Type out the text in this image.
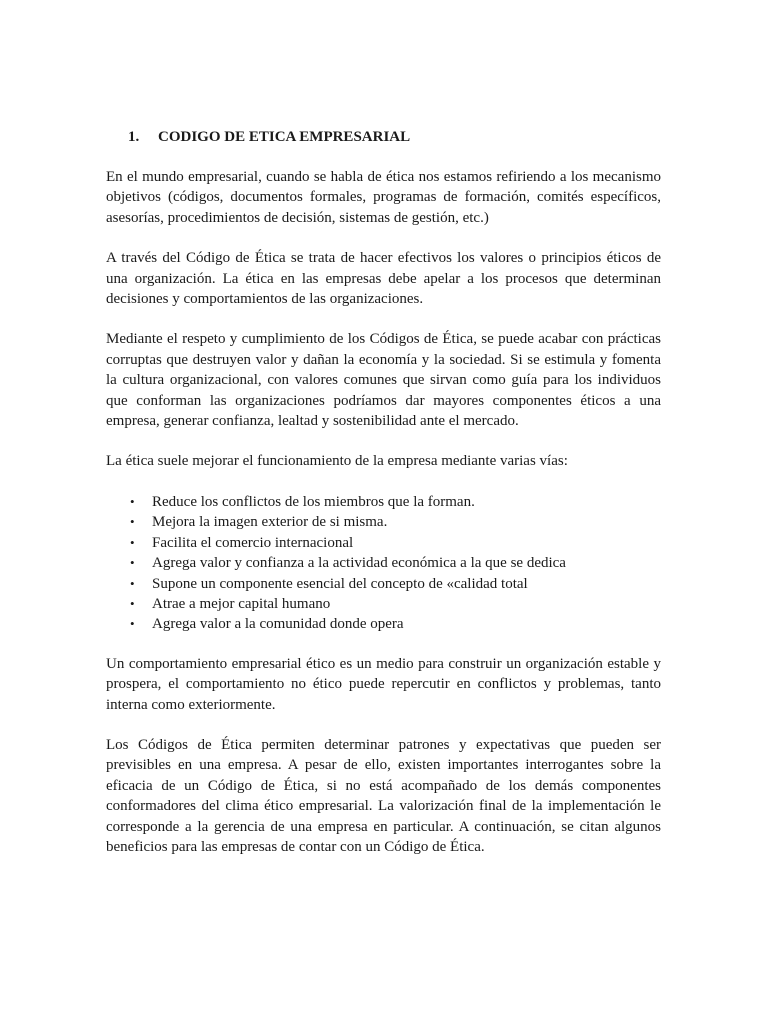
1.	CODIGO DE ETICA EMPRESARIAL

En el mundo empresarial, cuando se habla de ética nos estamos refiriendo a los mecanismo objetivos (códigos, documentos formales, programas de formación, comités específicos, asesorías, procedimientos de decisión, sistemas de gestión, etc.)

A través del Código de Ética se trata de hacer efectivos los valores o principios éticos de una organización. La ética en las empresas debe apelar a los procesos que determinan decisiones y comportamientos de las organizaciones.

Mediante el respeto y cumplimiento de los Códigos de Ética, se puede acabar con prácticas corruptas que destruyen valor y dañan la economía y la sociedad. Si se estimula y fomenta la cultura organizacional, con valores comunes que sirvan como guía para los individuos que conforman las organizaciones podríamos dar mayores componentes éticos a una empresa, generar confianza, lealtad y sostenibilidad ante el mercado.

La ética suele mejorar el funcionamiento de la empresa mediante varias vías:

•	Reduce los conflictos de los miembros que la forman.
•	Mejora la imagen exterior de si misma.
•	Facilita el comercio internacional
•	Agrega valor y confianza a la actividad económica a la que se dedica
•	Supone un componente esencial del concepto de «calidad total
•	Atrae a mejor capital humano
•	Agrega valor a la comunidad donde opera

Un comportamiento empresarial ético es un medio para construir un organización estable y prospera, el comportamiento no ético puede repercutir en conflictos y problemas, tanto interna como exteriormente.

Los Códigos de Ética permiten determinar patrones y expectativas que pueden ser previsibles en una empresa. A pesar de ello, existen importantes interrogantes sobre la eficacia de un Código de Ética, si no está acompañado de los demás componentes conformadores del clima ético empresarial. La valorización final de la implementación le corresponde a la gerencia de una empresa en particular. A continuación, se citan algunos beneficios para las empresas de contar con un Código de Ética.
